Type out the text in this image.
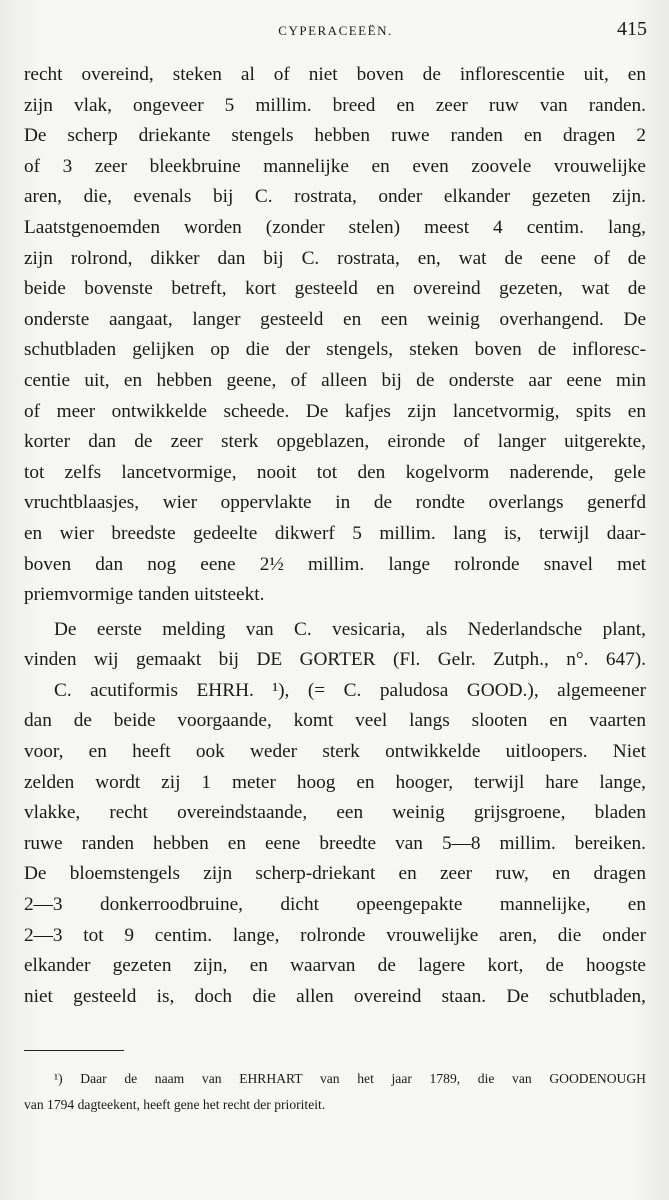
CYPERACEEËN.	415
recht overeind, steken al of niet boven de inflorescentie uit, en
zijn vlak, ongeveer 5 millim. breed en zeer ruw van randen.
De scherp driekante stengels hebben ruwe randen en dragen 2
of 3 zeer bleekbruine mannelijke en even zoovele vrouwelijke
aren, die, evenals bij C. rostrata, onder elkander gezeten zijn.
Laatstgenoemden worden (zonder stelen) meest 4 centim. lang,
zijn rolrond, dikker dan bij C. rostrata, en, wat de eene of de
beide bovenste betreft, kort gesteeld en overeind gezeten, wat de
onderste aangaat, langer gesteeld en een weinig overhangend. De
schutbladen gelijken op die der stengels, steken boven de infloresc-
centie uit, en hebben geene, of alleen bij de onderste aar eene min
of meer ontwikkelde scheede. De kafjes zijn lancetvormig, spits en
korter dan de zeer sterk opgeblazen, eironde of langer uitgerekte,
tot zelfs lancetvormige, nooit tot den kogelvorm naderende, gele
vruchtblaasjes, wier oppervlakte in de rondte overlangs generfd
en wier breedste gedeelte dikwerf 5 millim. lang is, terwijl daar-
boven dan nog eene 2½ millim. lange rolronde snavel met
priemvormige tanden uitsteekt.
De eerste melding van C. vesicaria, als Nederlandsche plant,
vinden wij gemaakt bij DE GORTER (Fl. Gelr. Zutph., n°. 647).
C. acutiformis EHRH. ¹), (= C. paludosa GOOD.), algemeener
dan de beide voorgaande, komt veel langs slooten en vaarten
voor, en heeft ook weder sterk ontwikkelde uitloopers. Niet
zelden wordt zij 1 meter hoog en hooger, terwijl hare lange,
vlakke, recht overeindstaande, een weinig grijsgroene, bladen
ruwe randen hebben en eene breedte van 5—8 millim. bereiken.
De bloemstengels zijn scherp-driekant en zeer ruw, en dragen
2—3 donkerroodbruine, dicht opeengepakte mannelijke, en
2—3 tot 9 centim. lange, rolronde vrouwelijke aren, die onder
elkander gezeten zijn, en waarvan de lagere kort, de hoogste
niet gesteeld is, doch die allen overeind staan. De schutbladen,
¹) Daar de naam van EHRHART van het jaar 1789, die van GOODENOUGH
van 1794 dagteekent, heeft gene het recht der prioriteit.
